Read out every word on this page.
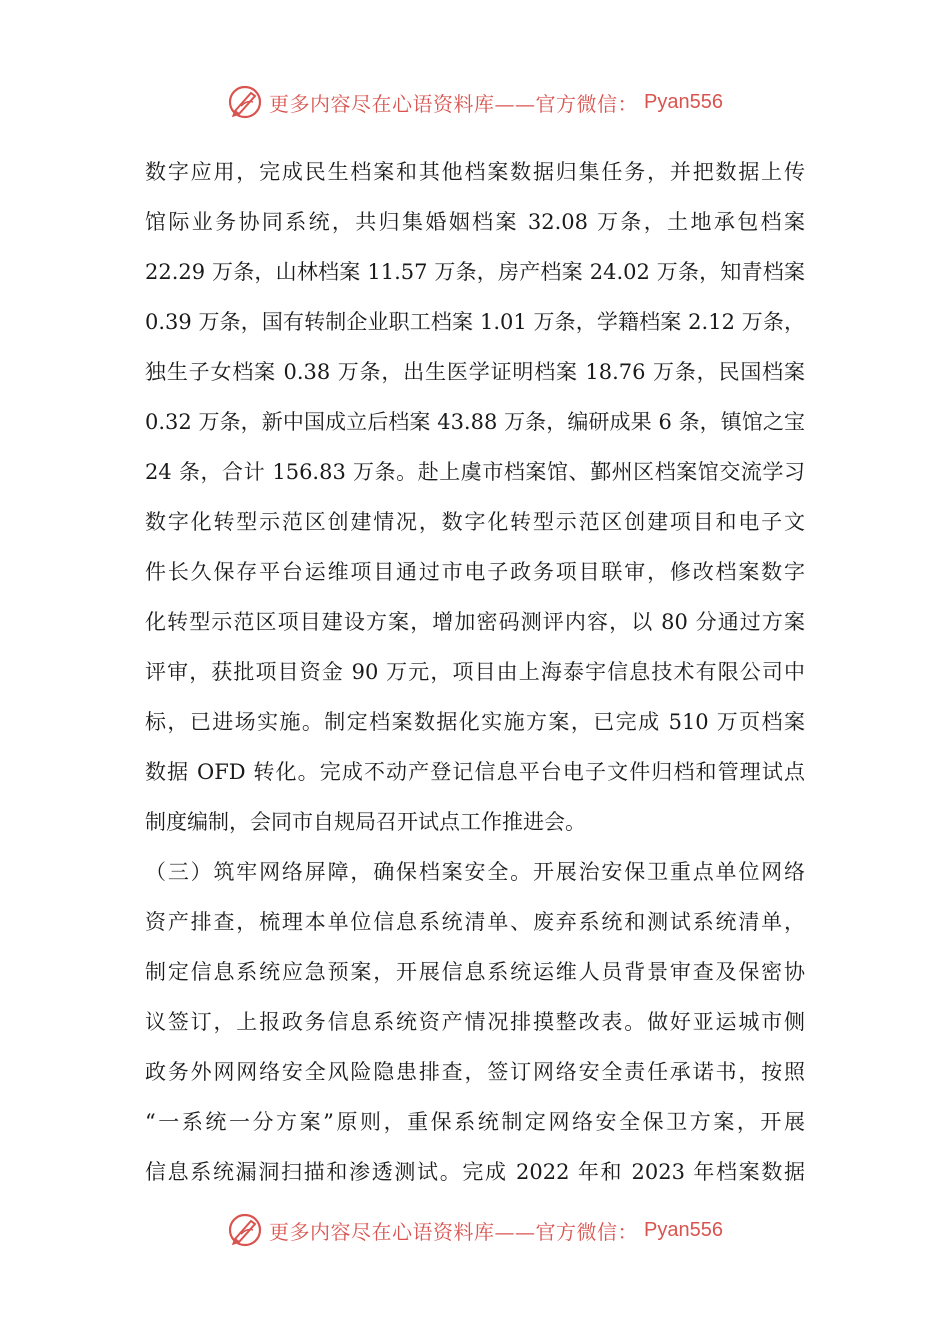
更多内容尽在心语资料库——官方微信： Pyan556
数字应用，完成民生档案和其他档案数据归集任务，并把数据上传
馆际业务协同系统，共归集婚姻档案 32.08 万条，土地承包档案
22.29 万条，山林档案 11.57 万条，房产档案 24.02 万条，知青档案
0.39 万条，国有转制企业职工档案 1.01 万条，学籍档案 2.12 万条，
独生子女档案 0.38 万条，出生医学证明档案 18.76 万条，民国档案
0.32 万条，新中国成立后档案 43.88 万条，编研成果 6 条，镇馆之宝
24 条，合计 156.83 万条。赴上虞市档案馆、鄞州区档案馆交流学习
数字化转型示范区创建情况，数字化转型示范区创建项目和电子文
件长久保存平台运维项目通过市电子政务项目联审，修改档案数字
化转型示范区项目建设方案，增加密码测评内容，以 80 分通过方案
评审，获批项目资金 90 万元，项目由上海泰宇信息技术有限公司中
标，已进场实施。制定档案数据化实施方案，已完成 510 万页档案
数据 OFD 转化。完成不动产登记信息平台电子文件归档和管理试点
制度编制，会同市自规局召开试点工作推进会。
（三）筑牢网络屏障，确保档案安全。开展治安保卫重点单位网络
资产排查，梳理本单位信息系统清单、废弃系统和测试系统清单，
制定信息系统应急预案，开展信息系统运维人员背景审查及保密协
议签订，上报政务信息系统资产情况排摸整改表。做好亚运城市侧
政务外网网络安全风险隐患排查，签订网络安全责任承诺书，按照
“一系统一分方案”原则，重保系统制定网络安全保卫方案，开展
信息系统漏洞扫描和渗透测试。完成 2022 年和 2023 年档案数据
更多内容尽在心语资料库——官方微信： Pyan556
